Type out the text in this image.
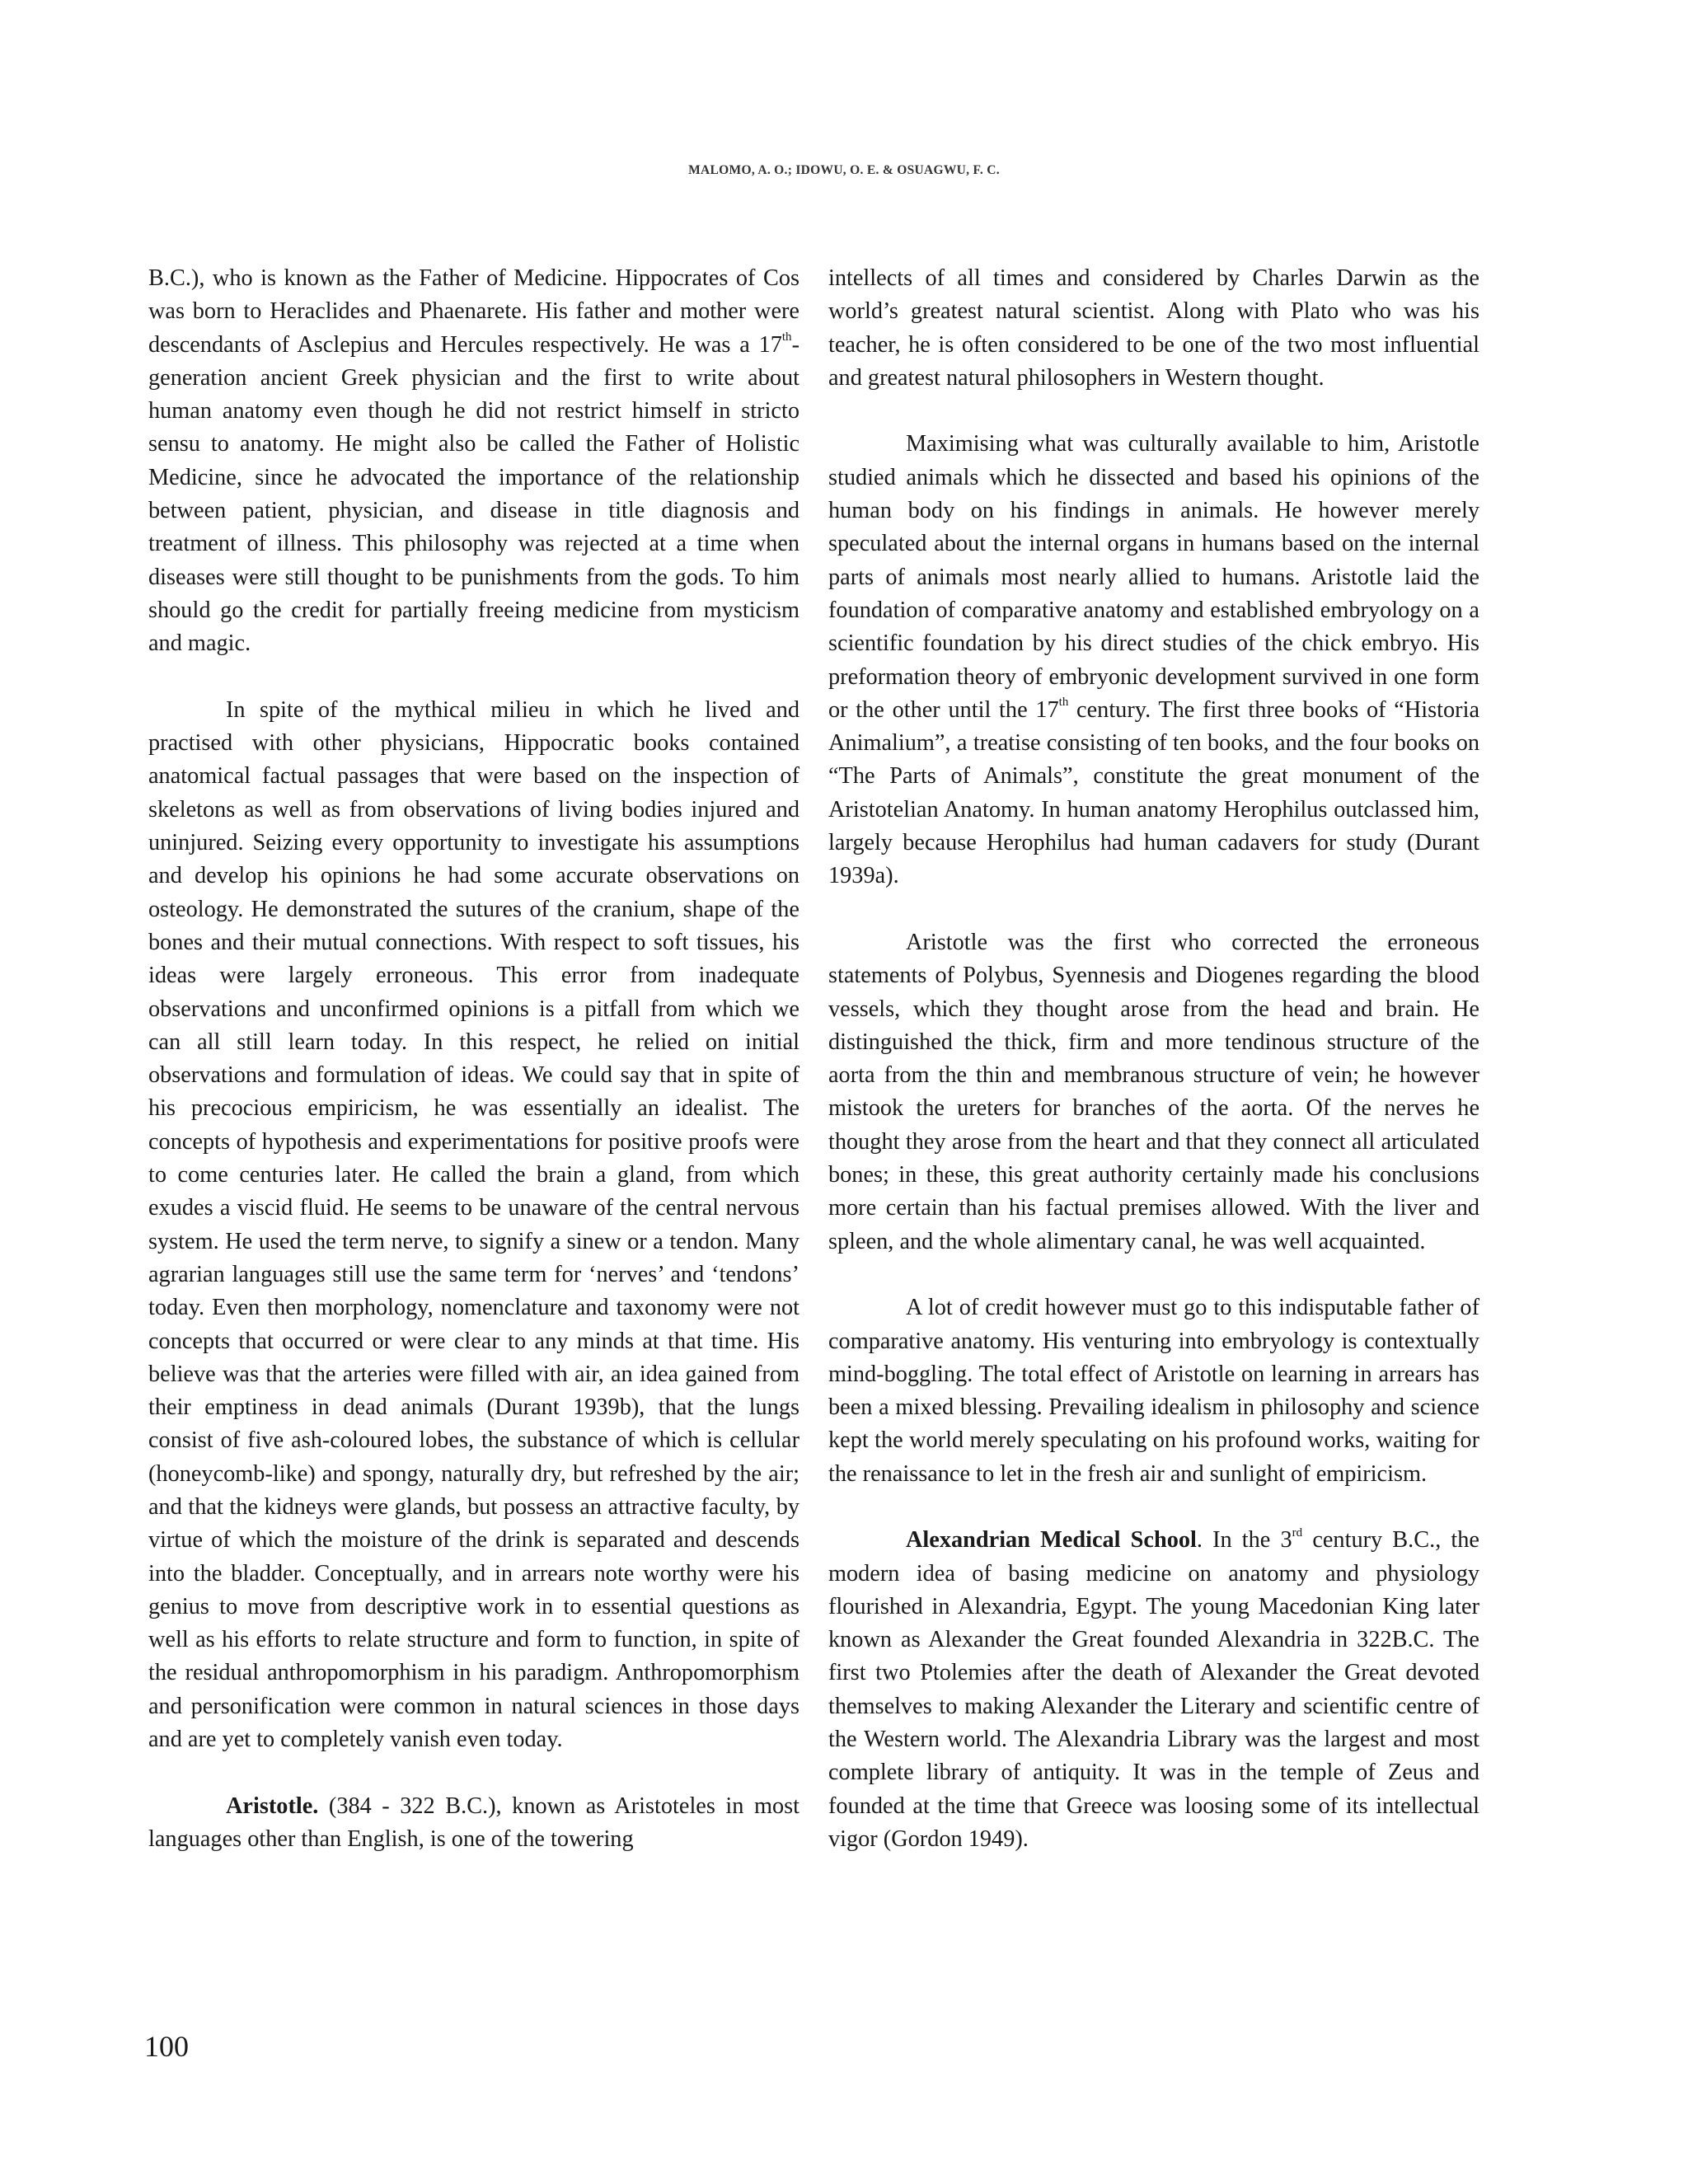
MALOMO, A. O.; IDOWU, O. E. & OSUAGWU, F. C.

B.C.), who is known as the Father of Medicine. Hippocrates of Cos was born to Heraclides and Phaenarete. His father and mother were descendants of Asclepius and Hercules respectively. He was a 17th-generation ancient Greek physician and the first to write about human anatomy even though he did not restrict himself in stricto sensu to anatomy. He might also be called the Father of Holistic Medicine, since he advocated the importance of the relationship between patient, physician, and disease in title diagnosis and treatment of illness. This philosophy was rejected at a time when diseases were still thought to be punishments from the gods. To him should go the credit for partially freeing medicine from mysticism and magic.

In spite of the mythical milieu in which he lived and practised with other physicians, Hippocratic books contained anatomical factual passages that were based on the inspection of skeletons as well as from observations of living bodies injured and uninjured. Seizing every opportunity to investigate his assumptions and develop his opinions he had some accurate observations on osteology. He demonstrated the sutures of the cranium, shape of the bones and their mutual connections. With respect to soft tissues, his ideas were largely erroneous. This error from inadequate observations and unconfirmed opinions is a pitfall from which we can all still learn today. In this respect, he relied on initial observations and formulation of ideas. We could say that in spite of his precocious empiricism, he was essentially an idealist. The concepts of hypothesis and experimentations for positive proofs were to come centuries later. He called the brain a gland, from which exudes a viscid fluid. He seems to be unaware of the central nervous system. He used the term nerve, to signify a sinew or a tendon. Many agrarian languages still use the same term for ‘nerves’ and ‘tendons’ today. Even then morphology, nomenclature and taxonomy were not concepts that occurred or were clear to any minds at that time. His believe was that the arteries were filled with air, an idea gained from their emptiness in dead animals (Durant 1939b), that the lungs consist of five ash-coloured lobes, the substance of which is cellular (honeycomb-like) and spongy, naturally dry, but refreshed by the air; and that the kidneys were glands, but possess an attractive faculty, by virtue of which the moisture of the drink is separated and descends into the bladder. Conceptually, and in arrears note worthy were his genius to move from descriptive work in to essential questions as well as his efforts to relate structure and form to function, in spite of the residual anthropomorphism in his paradigm. Anthropomorphism and personification were common in natural sciences in those days and are yet to completely vanish even today.

Aristotle. (384 - 322 B.C.), known as Aristoteles in most languages other than English, is one of the towering

intellects of all times and considered by Charles Darwin as the world’s greatest natural scientist. Along with Plato who was his teacher, he is often considered to be one of the two most influential and greatest natural philosophers in Western thought.

Maximising what was culturally available to him, Aristotle studied animals which he dissected and based his opinions of the human body on his findings in animals. He however merely speculated about the internal organs in humans based on the internal parts of animals most nearly allied to humans. Aristotle laid the foundation of comparative anatomy and established embryology on a scientific foundation by his direct studies of the chick embryo. His preformation theory of embryonic development survived in one form or the other until the 17th century. The first three books of “Historia Animalium”, a treatise consisting of ten books, and the four books on “The Parts of Animals”, constitute the great monument of the Aristotelian Anatomy. In human anatomy Herophilus outclassed him, largely because Herophilus had human cadavers for study (Durant 1939a).

Aristotle was the first who corrected the erroneous statements of Polybus, Syennesis and Diogenes regarding the blood vessels, which they thought arose from the head and brain. He distinguished the thick, firm and more tendinous structure of the aorta from the thin and membranous structure of vein; he however mistook the ureters for branches of the aorta. Of the nerves he thought they arose from the heart and that they connect all articulated bones; in these, this great authority certainly made his conclusions more certain than his factual premises allowed. With the liver and spleen, and the whole alimentary canal, he was well acquainted.

A lot of credit however must go to this indisputable father of comparative anatomy. His venturing into embryology is contextually mind-boggling. The total effect of Aristotle on learning in arrears has been a mixed blessing. Prevailing idealism in philosophy and science kept the world merely speculating on his profound works, waiting for the renaissance to let in the fresh air and sunlight of empiricism.

Alexandrian Medical School. In the 3rd century B.C., the modern idea of basing medicine on anatomy and physiology flourished in Alexandria, Egypt. The young Macedonian King later known as Alexander the Great founded Alexandria in 322B.C. The first two Ptolemies after the death of Alexander the Great devoted themselves to making Alexander the Literary and scientific centre of the Western world. The Alexandria Library was the largest and most complete library of antiquity. It was in the temple of Zeus and founded at the time that Greece was loosing some of its intellectual vigor (Gordon 1949).

100
